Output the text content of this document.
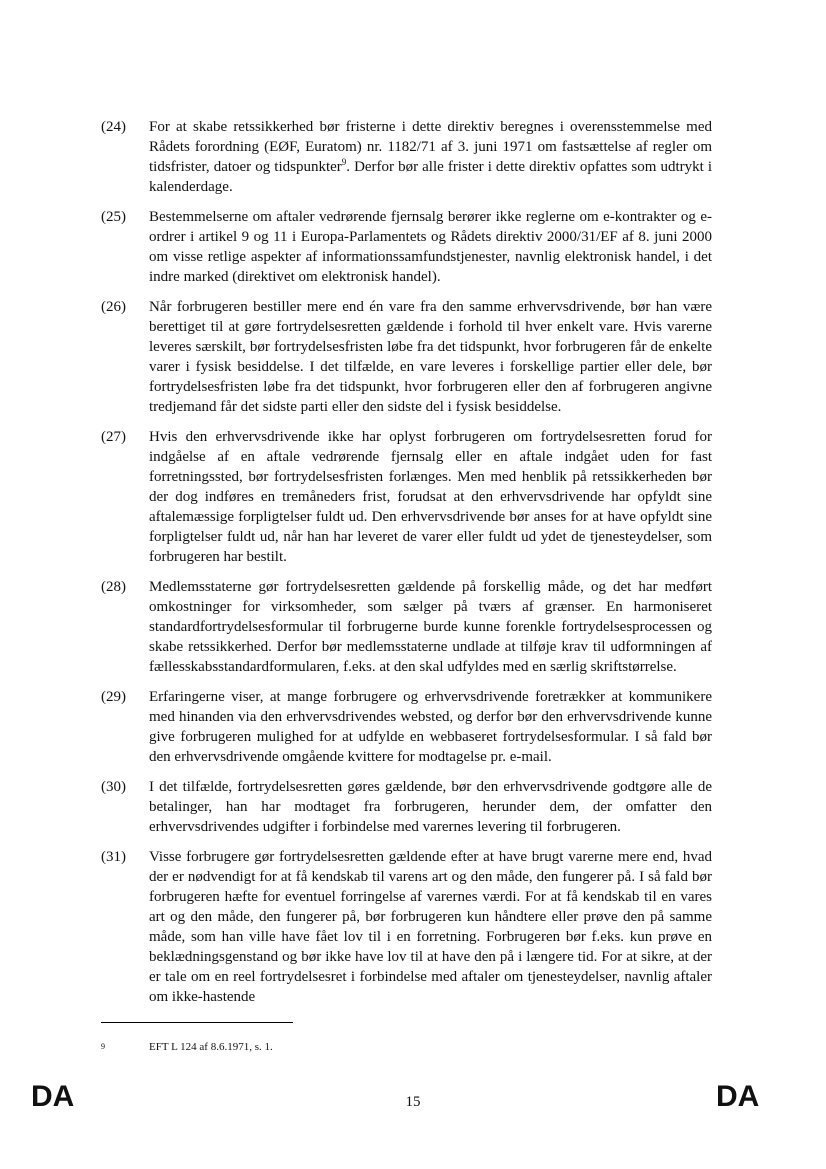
(24)	For at skabe retssikkerhed bør fristerne i dette direktiv beregnes i overensstemmelse med Rådets forordning (EØF, Euratom) nr. 1182/71 af 3. juni 1971 om fastsættelse af regler om tidsfrister, datoer og tidspunkter$^9$. Derfor bør alle frister i dette direktiv opfattes som udtrykt i kalenderdage.
(25)	Bestemmelserne om aftaler vedrørende fjernsalg berører ikke reglerne om e-kontrakter og e-ordrer i artikel 9 og 11 i Europa-Parlamentets og Rådets direktiv 2000/31/EF af 8. juni 2000 om visse retlige aspekter af informationssamfundstjenester, navnlig elektronisk handel, i det indre marked (direktivet om elektronisk handel).
(26)	Når forbrugeren bestiller mere end én vare fra den samme erhvervsdrivende, bør han være berettiget til at gøre fortrydelsesretten gældende i forhold til hver enkelt vare. Hvis varerne leveres særskilt, bør fortrydelsesfristen løbe fra det tidspunkt, hvor forbrugeren får de enkelte varer i fysisk besiddelse. I det tilfælde, en vare leveres i forskellige partier eller dele, bør fortrydelsesfristen løbe fra det tidspunkt, hvor forbrugeren eller den af forbrugeren angivne tredjemand får det sidste parti eller den sidste del i fysisk besiddelse.
(27)	Hvis den erhvervsdrivende ikke har oplyst forbrugeren om fortrydelsesretten forud for indgåelse af en aftale vedrørende fjernsalg eller en aftale indgået uden for fast forretningssted, bør fortrydelsesfristen forlænges. Men med henblik på retssikkerheden bør der dog indføres en tremåneders frist, forudsat at den erhvervsdrivende har opfyldt sine aftalemæssige forpligtelser fuldt ud. Den erhvervsdrivende bør anses for at have opfyldt sine forpligtelser fuldt ud, når han har leveret de varer eller fuldt ud ydet de tjenesteydelser, som forbrugeren har bestilt.
(28)	Medlemsstaterne gør fortrydelsesretten gældende på forskellig måde, og det har medført omkostninger for virksomheder, som sælger på tværs af grænser. En harmoniseret standardfortrydelsesformular til forbrugerne burde kunne forenkle fortrydelsesprocessen og skabe retssikkerhed. Derfor bør medlemsstaterne undlade at tilføje krav til udformningen af fællesskabsstandardformularen, f.eks. at den skal udfyldes med en særlig skriftstørrelse.
(29)	Erfaringerne viser, at mange forbrugere og erhvervsdrivende foretrækker at kommunikere med hinanden via den erhvervsdrivendes websted, og derfor bør den erhvervsdrivende kunne give forbrugeren mulighed for at udfylde en webbaseret fortrydelsesformular. I så fald bør den erhvervsdrivende omgående kvittere for modtagelse pr. e-mail.
(30)	I det tilfælde, fortrydelsesretten gøres gældende, bør den erhvervsdrivende godtgøre alle de betalinger, han har modtaget fra forbrugeren, herunder dem, der omfatter den erhvervsdrivendes udgifter i forbindelse med varernes levering til forbrugeren.
(31)	Visse forbrugere gør fortrydelsesretten gældende efter at have brugt varerne mere end, hvad der er nødvendigt for at få kendskab til varens art og den måde, den fungerer på. I så fald bør forbrugeren hæfte for eventuel forringelse af varernes værdi. For at få kendskab til en vares art og den måde, den fungerer på, bør forbrugeren kun håndtere eller prøve den på samme måde, som han ville have fået lov til i en forretning. Forbrugeren bør f.eks. kun prøve en beklædningsgenstand og bør ikke have lov til at have den på i længere tid. For at sikre, at der er tale om en reel fortrydelsesret i forbindelse med aftaler om tjenesteydelser, navnlig aftaler om ikke-hastende
9	EFT L 124 af 8.6.1971, s. 1.
DA	15	DA
